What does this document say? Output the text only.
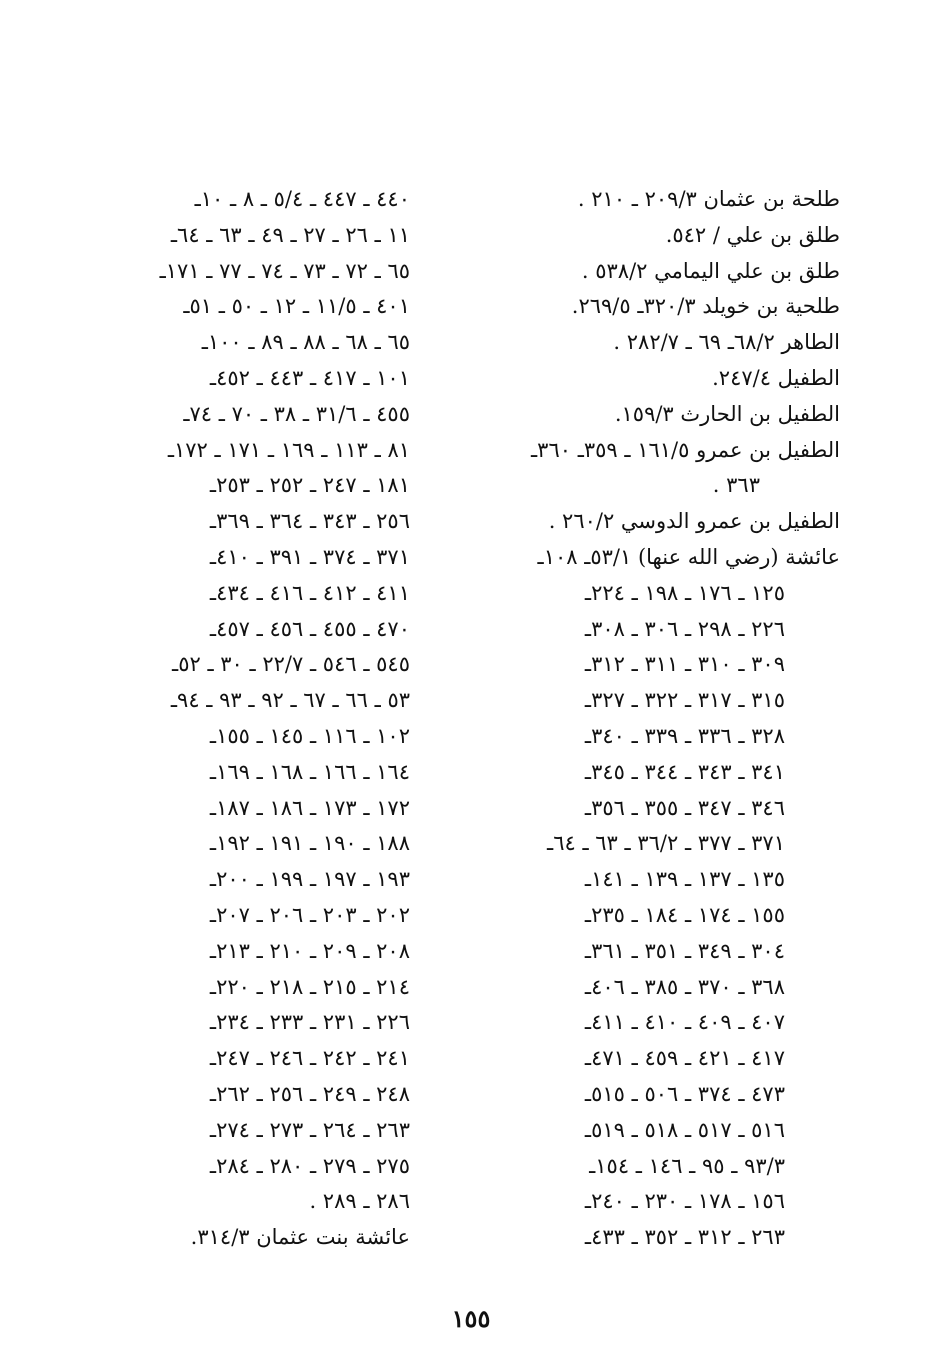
طلحة بن عثمان ٢٠٩/٣ ـ ٢١٠ .
طلق بن علي / ٥٤٢.
طلق بن علي اليمامي ٥٣٨/٢ .
طلحية بن خويلد ٣٢٠/٣ـ ٢٦٩/٥.
الطاهر ٦٨/٢ـ ٦٩ ـ ٢٨٢/٧ .
الطفيل ٢٤٧/٤.
الطفيل بن الحارث ١٥٩/٣.
الطفيل بن عمرو ١٦١/٥ ـ ٣٥٩ـ ٣٦٠ـ
٣٦٣ .
الطفيل بن عمرو الدوسي ٢٦٠/٢ .
عائشة (رضي الله عنها) ٥٣/١ـ ١٠٨ـ
١٢٥ ـ ١٧٦ ـ ١٩٨ ـ ٢٢٤ـ
٢٢٦ ـ ٢٩٨ ـ ٣٠٦ ـ ٣٠٨ـ
٣٠٩ ـ ٣١٠ ـ ٣١١ ـ ٣١٢ـ
٣١٥ ـ ٣١٧ ـ ٣٢٢ ـ ٣٢٧ـ
٣٢٨ ـ ٣٣٦ ـ ٣٣٩ ـ ٣٤٠ـ
٣٤١ ـ ٣٤٣ ـ ٣٤٤ ـ ٣٤٥ـ
٣٤٦ ـ ٣٤٧ ـ ٣٥٥ ـ ٣٥٦ـ
٣٧١ ـ ٣٧٧ ـ ٣٦/٢ ـ ٦٣ ـ ٦٤ـ
١٣٥ ـ ١٣٧ ـ ١٣٩ ـ ١٤١ـ
١٥٥ ـ ١٧٤ ـ ١٨٤ ـ ٢٣٥ـ
٣٠٤ ـ ٣٤٩ ـ ٣٥١ ـ ٣٦١ـ
٣٦٨ ـ ٣٧٠ ـ ٣٨٥ ـ ٤٠٦ـ
٤٠٧ ـ ٤٠٩ ـ ٤١٠ ـ ٤١١ـ
٤١٧ ـ ٤٢١ ـ ٤٥٩ ـ ٤٧١ـ
٤٧٣ ـ ٣٧٤ ـ ٥٠٦ ـ ٥١٥ـ
٥١٦ ـ ٥١٧ ـ ٥١٨ ـ ٥١٩ـ
٩٣/٣ ـ ٩٥ ـ ١٤٦ ـ ١٥٤ـ
١٥٦ ـ ١٧٨ ـ ٢٣٠ ـ ٢٤٠ـ
٢٦٣ ـ ٣١٢ ـ ٣٥٢ ـ ٤٣٣ـ
٤٤٠ ـ ٤٤٧ ـ ٥/٤ ـ ٨ ـ ١٠ـ
١١ ـ ٢٦ ـ ٢٧ ـ ٤٩ ـ ٦٣ ـ ٦٤ـ
٦٥ ـ ٧٢ ـ ٧٣ ـ ٧٤ ـ ٧٧ ـ ١٧١ـ
٤٠١ ـ ١١/٥ ـ ١٢ ـ ٥٠ ـ ٥١ـ
٦٥ ـ ٦٨ ـ ٨٨ ـ ٨٩ ـ ١٠٠ـ
١٠١ ـ ٤١٧ ـ ٤٤٣ ـ ٤٥٢ـ
٤٥٥ ـ ٣١/٦ ـ ٣٨ ـ ٧٠ ـ ٧٤ـ
٨١ ـ ١١٣ ـ ١٦٩ ـ ١٧١ ـ ١٧٢ـ
١٨١ ـ ٢٤٧ ـ ٢٥٢ ـ ٢٥٣ـ
٢٥٦ ـ ٣٤٣ ـ ٣٦٤ ـ ٣٦٩ـ
٣٧١ ـ ٣٧٤ ـ ٣٩١ ـ ٤١٠ـ
٤١١ ـ ٤١٢ ـ ٤١٦ ـ ٤٣٤ـ
٤٧٠ ـ ٤٥٥ ـ ٤٥٦ ـ ٤٥٧ـ
٥٤٥ ـ ٥٤٦ ـ ٢٢/٧ ـ ٣٠ ـ ٥٢ـ
٥٣ ـ ٦٦ ـ ٦٧ ـ ٩٢ ـ ٩٣ ـ ٩٤ـ
١٠٢ ـ ١١٦ ـ ١٤٥ ـ ١٥٥ـ
١٦٤ ـ ١٦٦ ـ ١٦٨ ـ ١٦٩ـ
١٧٢ ـ ١٧٣ ـ ١٨٦ ـ ١٨٧ـ
١٨٨ ـ ١٩٠ ـ ١٩١ ـ ١٩٢ـ
١٩٣ ـ ١٩٧ ـ ١٩٩ ـ ٢٠٠ـ
٢٠٢ ـ ٢٠٣ ـ ٢٠٦ ـ ٢٠٧ـ
٢٠٨ ـ ٢٠٩ ـ ٢١٠ ـ ٢١٣ـ
٢١٤ ـ ٢١٥ ـ ٢١٨ ـ ٢٢٠ـ
٢٢٦ ـ ٢٣١ ـ ٢٣٣ ـ ٢٣٤ـ
٢٤١ ـ ٢٤٢ ـ ٢٤٦ ـ ٢٤٧ـ
٢٤٨ ـ ٢٤٩ ـ ٢٥٦ ـ ٢٦٢ـ
٢٦٣ ـ ٢٦٤ ـ ٢٧٣ ـ ٢٧٤ـ
٢٧٥ ـ ٢٧٩ ـ ٢٨٠ ـ ٢٨٤ـ
٢٨٦ ـ ٢٨٩ .
عائشة بنت عثمان ٣١٤/٣.
١٥٥
